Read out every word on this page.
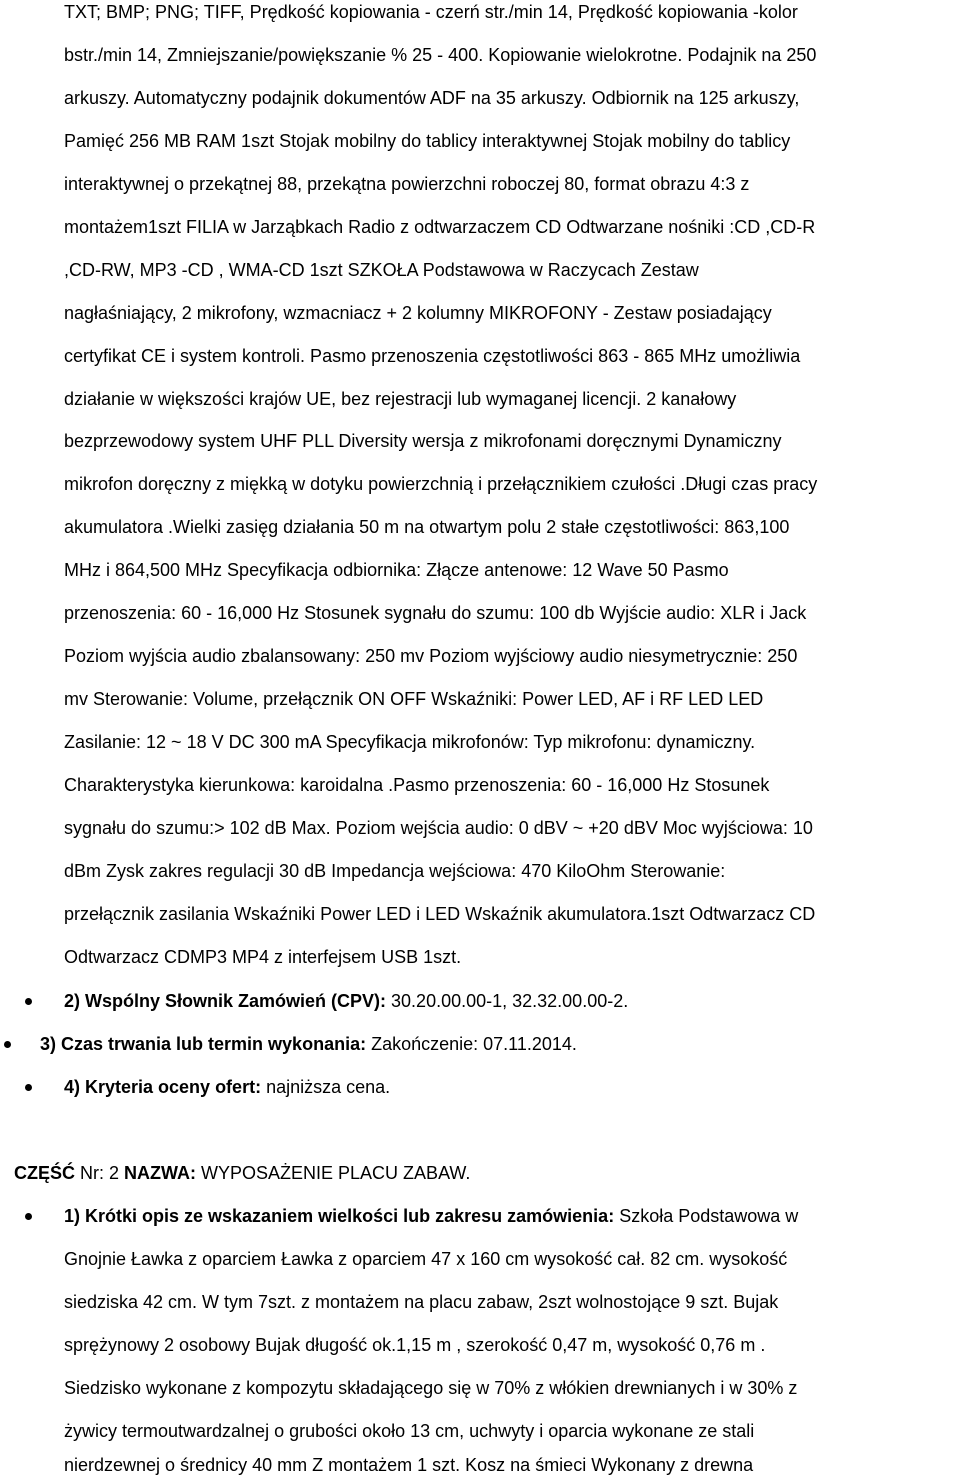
TXT; BMP; PNG; TIFF, Prędkość kopiowania - czerń str./min 14, Prędkość kopiowania -kolor
bstr./min 14, Zmniejszanie/powiększanie % 25 - 400. Kopiowanie wielokrotne. Podajnik na 250
arkuszy. Automatyczny podajnik dokumentów ADF na 35 arkuszy. Odbiornik na 125 arkuszy,
Pamięć 256 MB RAM 1szt Stojak mobilny do tablicy interaktywnej Stojak mobilny do tablicy
interaktywnej o przekątnej 88, przekątna powierzchni roboczej 80, format obrazu 4:3 z
montażem1szt FILIA w Jarząbkach Radio z odtwarzaczem CD Odtwarzane nośniki :CD ,CD-R
,CD-RW, MP3 -CD , WMA-CD 1szt SZKOŁA Podstawowa w Raczycach Zestaw
nagłaśniający, 2 mikrofony, wzmacniacz + 2 kolumny MIKROFONY - Zestaw posiadający
certyfikat CE i system kontroli. Pasmo przenoszenia częstotliwości 863 - 865 MHz umożliwia
działanie w większości krajów UE, bez rejestracji lub wymaganej licencji. 2 kanałowy
bezprzewodowy system UHF PLL Diversity wersja z mikrofonami doręcznymi Dynamiczny
mikrofon doręczny z miękką w dotyku powierzchnią i przełącznikiem czułości .Długi czas pracy
akumulatora .Wielki zasięg działania 50 m na otwartym polu 2 stałe częstotliwości: 863,100
MHz i 864,500 MHz Specyfikacja odbiornika: Złącze antenowe: 12 Wave 50 Pasmo
przenoszenia: 60 - 16,000 Hz Stosunek sygnału do szumu: 100 db Wyjście audio: XLR i Jack
Poziom wyjścia audio zbalansowany: 250 mv Poziom wyjściowy audio niesymetrycznie: 250
mv Sterowanie: Volume, przełącznik ON OFF Wskaźniki: Power LED, AF i RF LED LED
Zasilanie: 12 ~ 18 V DC 300 mA Specyfikacja mikrofonów: Typ mikrofonu: dynamiczny.
Charakterystyka kierunkowa: karoidalna .Pasmo przenoszenia: 60 - 16,000 Hz Stosunek
sygnału do szumu:> 102 dB Max. Poziom wejścia audio: 0 dBV ~ +20 dBV Moc wyjściowa: 10
dBm Zysk zakres regulacji 30 dB Impedancja wejściowa: 470 KiloOhm Sterowanie:
przełącznik zasilania Wskaźniki Power LED i LED Wskaźnik akumulatora.1szt Odtwarzacz CD
Odtwarzacz CDMP3 MP4 z interfejsem USB 1szt.
2) Wspólny Słownik Zamówień (CPV): 30.20.00.00-1, 32.32.00.00-2.
3) Czas trwania lub termin wykonania: Zakończenie: 07.11.2014.
4) Kryteria oceny ofert: najniższa cena.
CZĘŚĆ Nr: 2 NAZWA: WYPOSAŻENIE PLACU ZABAW.
1) Krótki opis ze wskazaniem wielkości lub zakresu zamówienia: Szkoła Podstawowa w
Gnojnie Ławka z oparciem Ławka z oparciem 47 x 160 cm wysokość cał. 82 cm. wysokość
siedziska 42 cm. W tym 7szt. z montażem na placu zabaw, 2szt wolnostojące 9 szt. Bujak
sprężynowy 2 osobowy Bujak długość ok.1,15 m , szerokość 0,47 m, wysokość 0,76 m .
Siedzisko wykonane z kompozytu składającego się w 70% z włókien drewnianych i w 30% z
żywicy termoutwardzalnej o grubości około 13 cm, uchwyty i oparcia wykonane ze stali
nierdzewnej o średnicy 40 mm Z montażem 1 szt. Kosz na śmieci Wykonany z drewna
